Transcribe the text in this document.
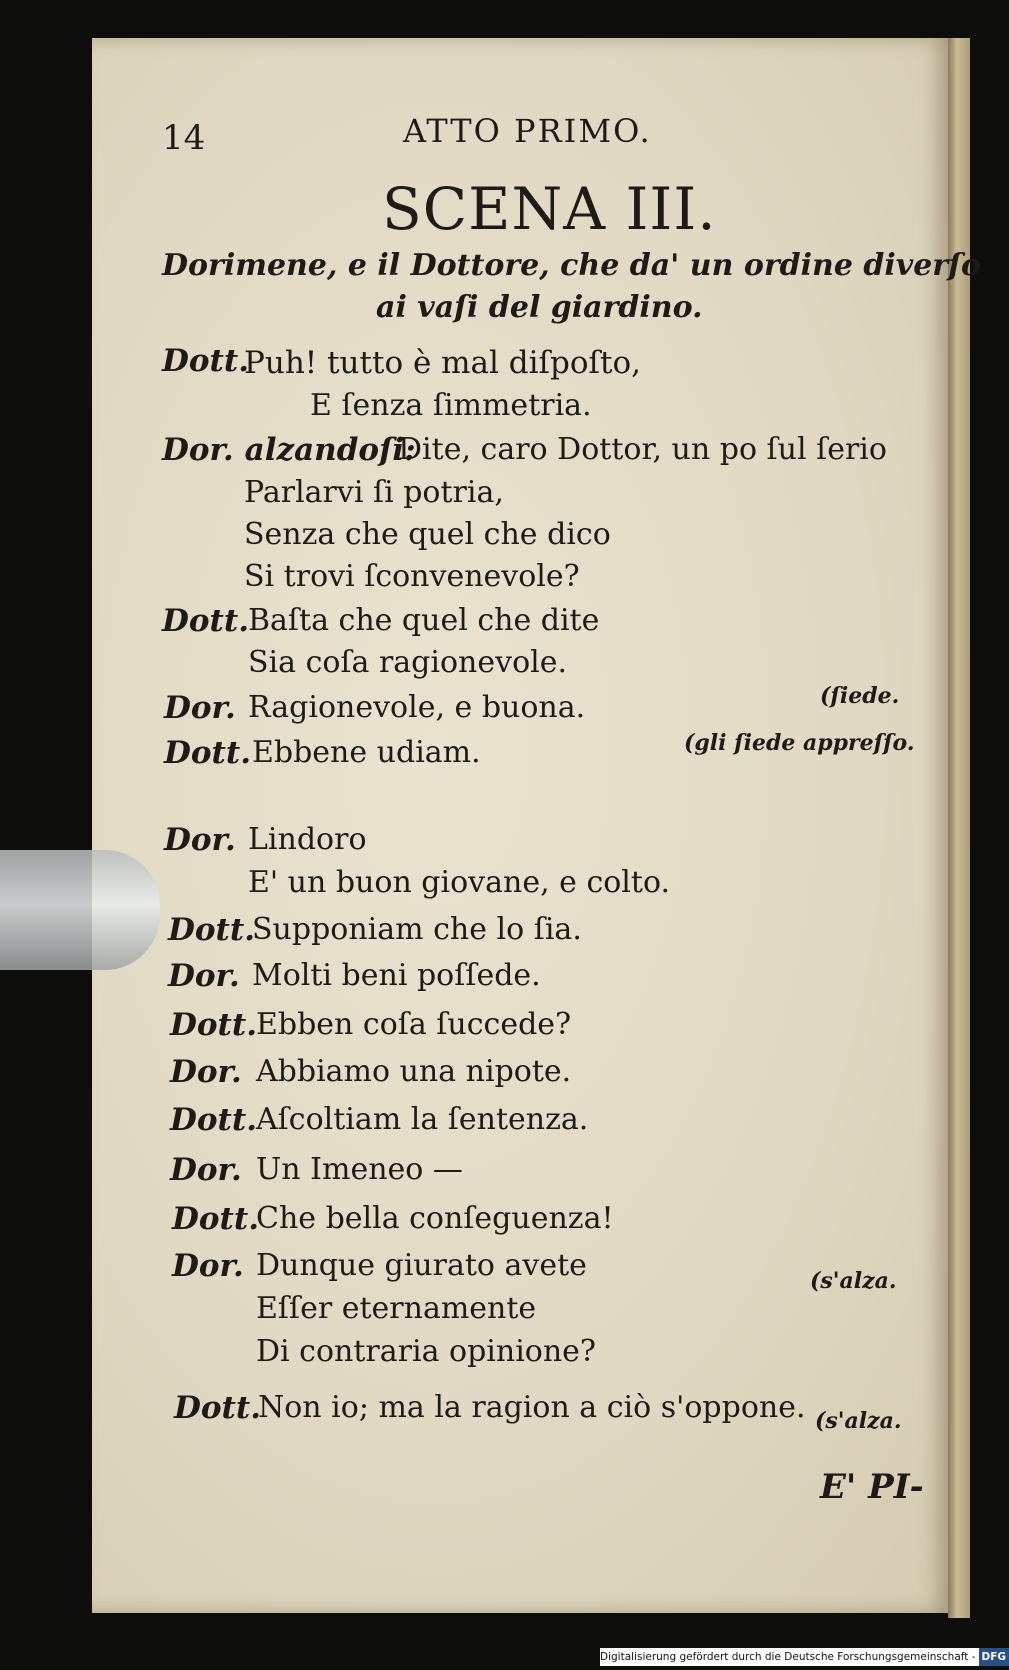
14	ATTO PRIMO.
SCENA III.
Dorimene, e il Dottore, che da' un ordine diverſo
ai vaſi del giardino.
Dott.
Puh! tutto è mal diſpoſto,
E ſenza ſimmetria.
Dor. alzandoſi:
Dite, caro Dottor, un po ſul ſerio
Parlarvi ſi potria,
Senza che quel che dico
Si trovi ſconvenevole?
Dott. Baſta che quel che dite
Sia coſa ragionevole.
(ſiede.
Dor. Ragionevole, e buona.
(gli ſiede appreſſo.
Dott. Ebbene udiam.
Dor. Lindoro
E' un buon giovane, e colto.
Dott.
Supponiam che lo ſia.
Dor. Molti beni poſſede.
Dott. Ebben coſa ſuccede?
Dor. Abbiamo una nipote.
Dott. Aſcoltiam la ſentenza.
Dor. Un Imeneo —
Dott.
Che bella conſeguenza!
Dor. Dunque giurato avete
Eſſer eternamente
Di contraria opinione?
(s'alza.
Dott.
Non io; ma la ragion a ciò s'oppone. (s'alza.
E' PI-
Digitalisierung gefördert durch die Deutsche Forschungsgemeinschaft - DFG
